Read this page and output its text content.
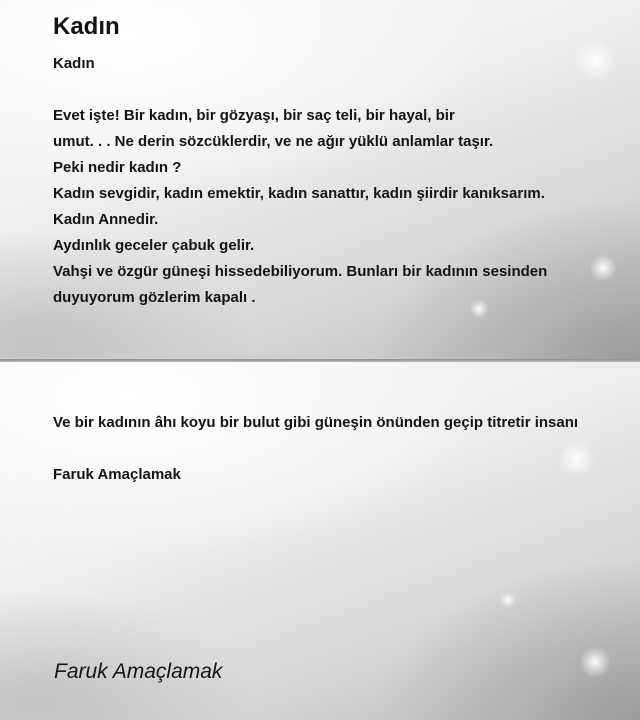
Kadın

Kadın

Evet işte! Bir kadın, bir gözyaşı, bir saç teli, bir hayal, bir

umut. . . Ne derin sözcüklerdir, ve ne ağır yüklü anlamlar taşır.

Peki nedir kadın ?

Kadın sevgidir, kadın emektir, kadın sanattır, kadın şiirdir kanıksarım.

Kadın Annedir.

Aydınlık geceler çabuk gelir.

Vahşi ve özgür güneşi hissedebiliyorum. Bunları bir kadının sesinden

duyuyorum gözlerim kapalı .

Ve bir kadının âhı koyu bir bulut gibi güneşin önünden geçip titretir insanı

Faruk Amaçlamak

Faruk Amaçlamak
